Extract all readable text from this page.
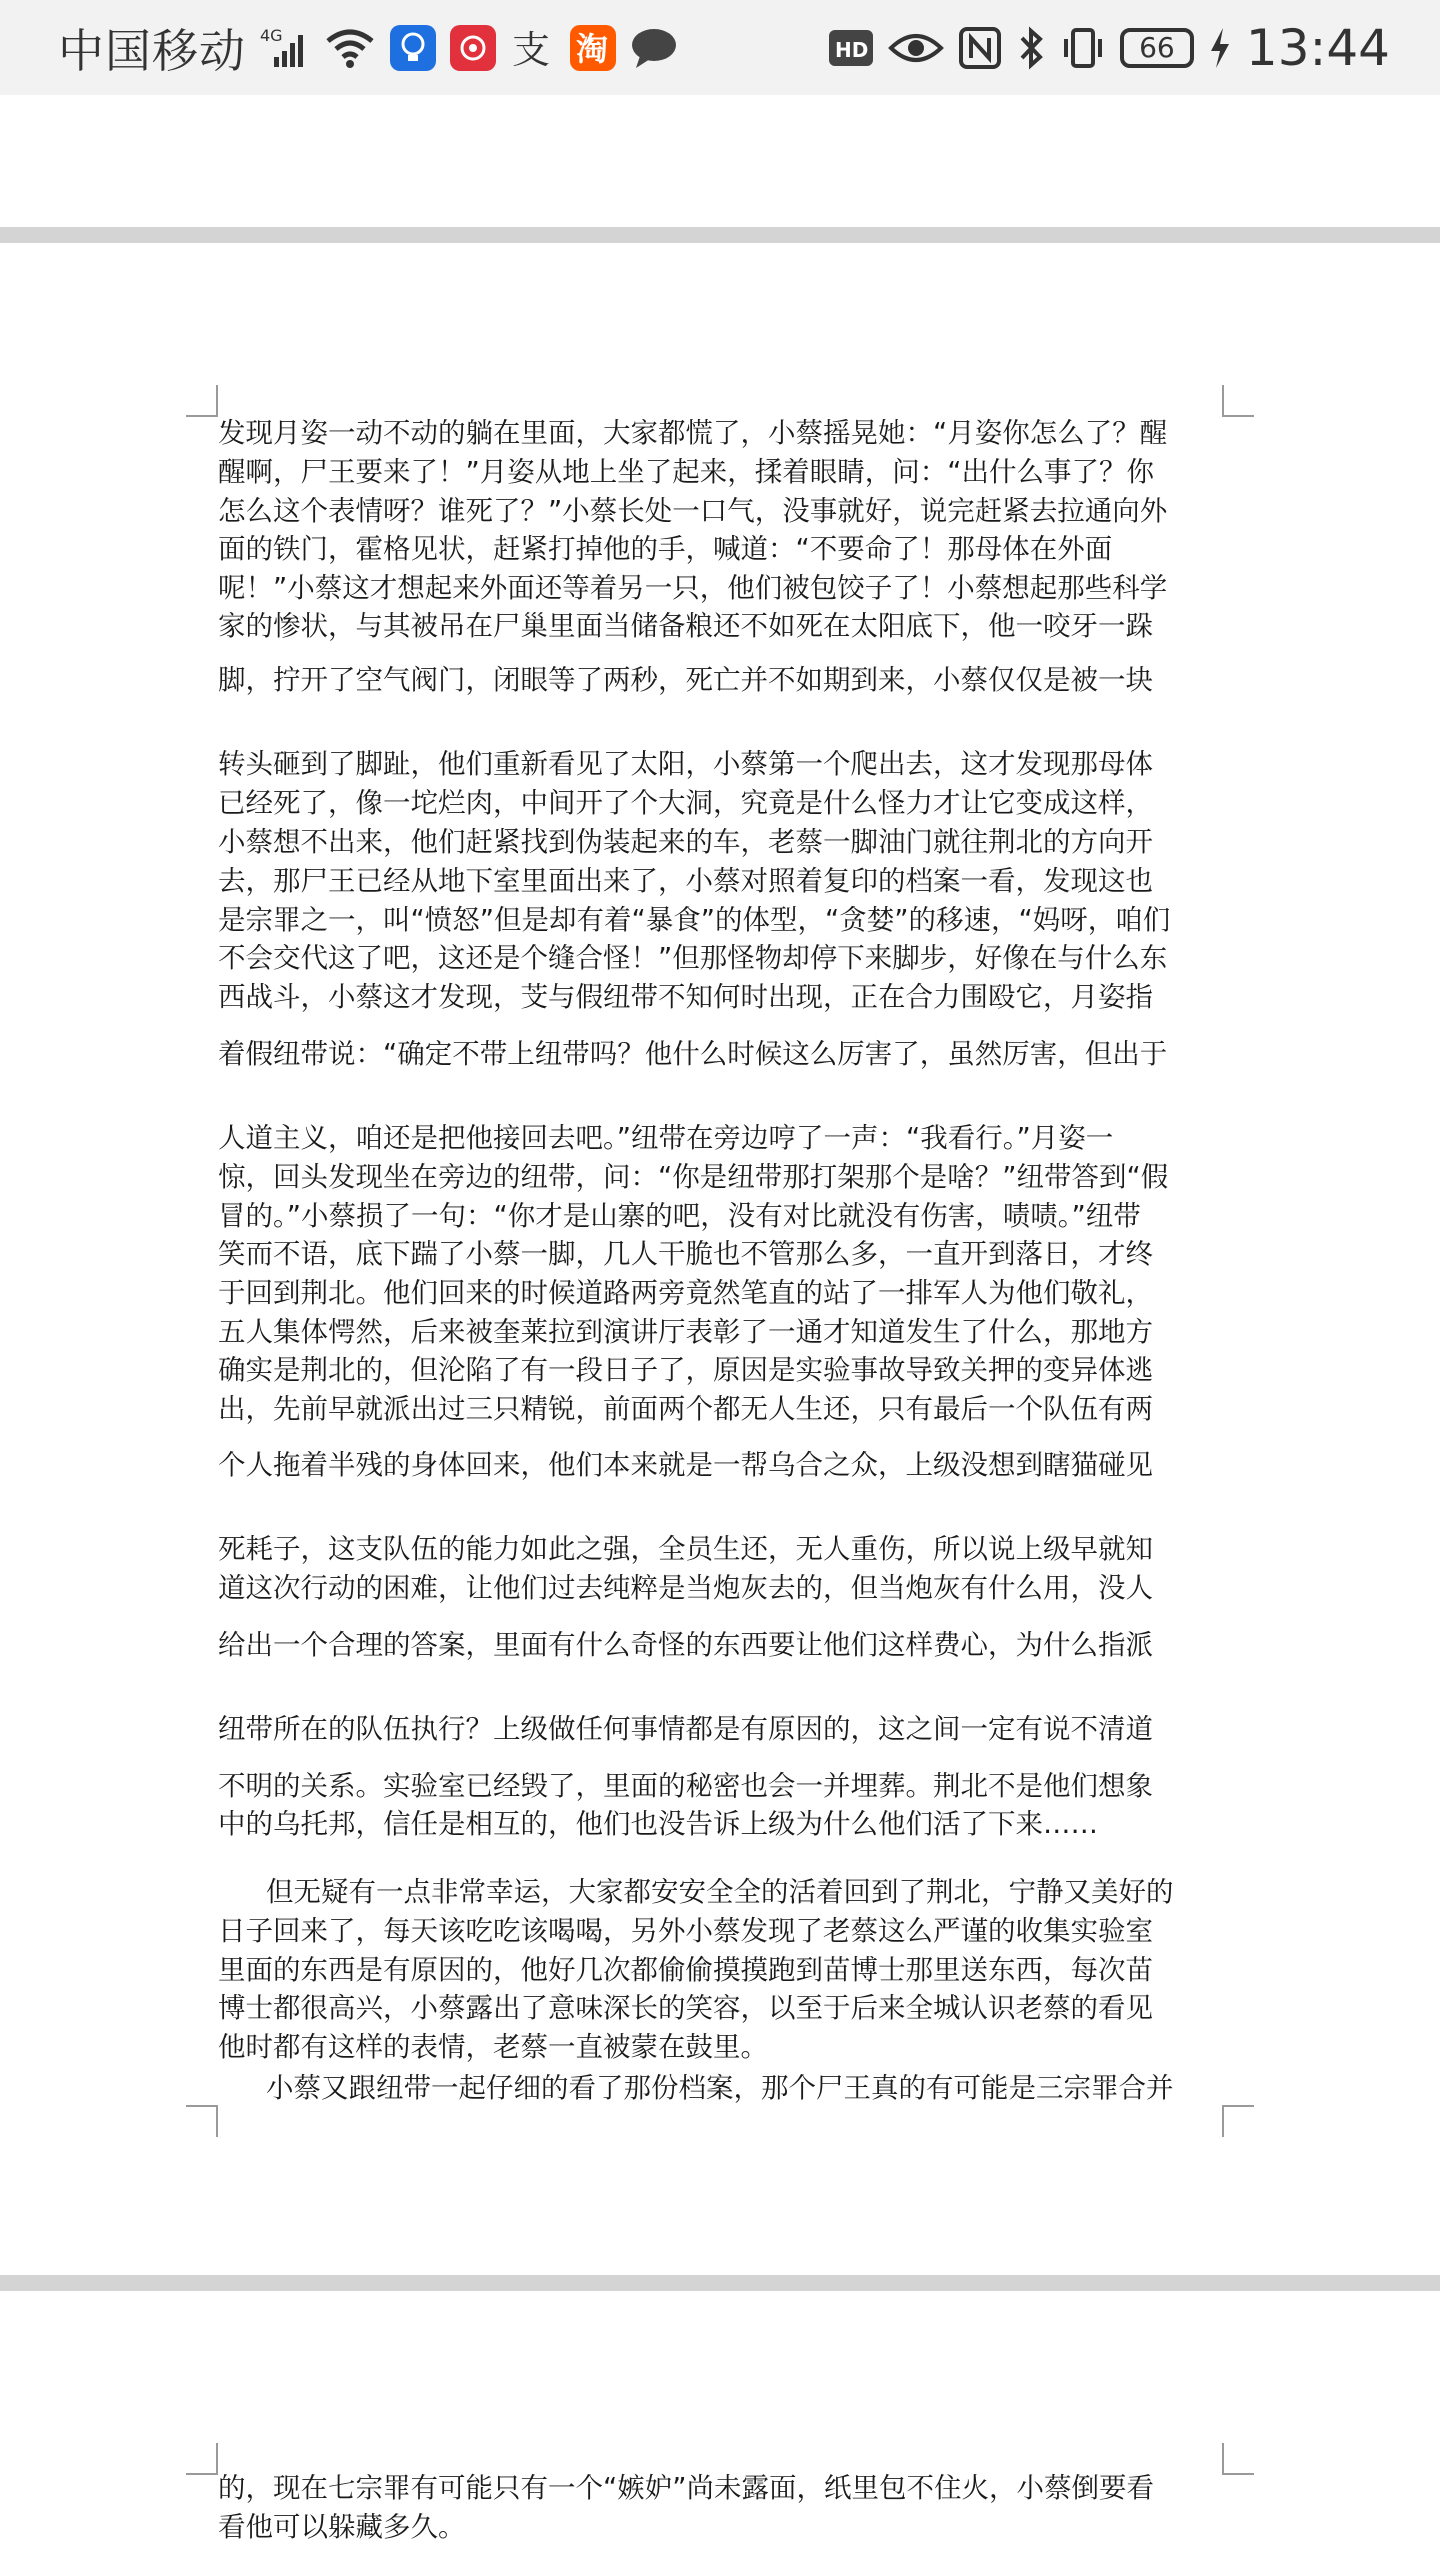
中国移动 4G	支 淘	HD	66	13:44
发现月姿一动不动的躺在里面，大家都慌了，小蔡摇晃她：“月姿你怎么了？醒
醒啊，尸王要来了！”月姿从地上坐了起来，揉着眼睛，问：“出什么事了？你
怎么这个表情呀？谁死了？”小蔡长处一口气，没事就好，说完赶紧去拉通向外
面的铁门，霍格见状，赶紧打掉他的手，喊道：“不要命了！那母体在外面
呢！”小蔡这才想起来外面还等着另一只，他们被包饺子了！小蔡想起那些科学
家的惨状，与其被吊在尸巢里面当储备粮还不如死在太阳底下，他一咬牙一跺
脚，拧开了空气阀门，闭眼等了两秒，死亡并不如期到来，小蔡仅仅是被一块
转头砸到了脚趾，他们重新看见了太阳，小蔡第一个爬出去，这才发现那母体
已经死了，像一坨烂肉，中间开了个大洞，究竟是什么怪力才让它变成这样，
小蔡想不出来，他们赶紧找到伪装起来的车，老蔡一脚油门就往荆北的方向开
去，那尸王已经从地下室里面出来了，小蔡对照着复印的档案一看，发现这也
是宗罪之一，叫“愤怒”但是却有着“暴食”的体型，“贪婪”的移速，“妈呀，咱们
不会交代这了吧，这还是个缝合怪！”但那怪物却停下来脚步，好像在与什么东
西战斗，小蔡这才发现，芠与假纽带不知何时出现，正在合力围殴它，月姿指
着假纽带说：“确定不带上纽带吗？他什么时候这么厉害了，虽然厉害，但出于
人道主义，咱还是把他接回去吧。”纽带在旁边哼了一声：“我看行。”月姿一
惊，回头发现坐在旁边的纽带，问：“你是纽带那打架那个是啥？”纽带答到“假
冒的。”小蔡损了一句：“你才是山寨的吧，没有对比就没有伤害，啧啧。”纽带
笑而不语，底下踹了小蔡一脚，几人干脆也不管那么多，一直开到落日，才终
于回到荆北。他们回来的时候道路两旁竟然笔直的站了一排军人为他们敬礼，
五人集体愕然，后来被奎莱拉到演讲厅表彰了一通才知道发生了什么，那地方
确实是荆北的，但沦陷了有一段日子了，原因是实验事故导致关押的变异体逃
出，先前早就派出过三只精锐，前面两个都无人生还，只有最后一个队伍有两
个人拖着半残的身体回来，他们本来就是一帮乌合之众，上级没想到瞎猫碰见
死耗子，这支队伍的能力如此之强，全员生还，无人重伤，所以说上级早就知
道这次行动的困难，让他们过去纯粹是当炮灰去的，但当炮灰有什么用，没人
给出一个合理的答案，里面有什么奇怪的东西要让他们这样费心，为什么指派
纽带所在的队伍执行？上级做任何事情都是有原因的，这之间一定有说不清道
不明的关系。实验室已经毁了，里面的秘密也会一并埋葬。荆北不是他们想象
中的乌托邦，信任是相互的，他们也没告诉上级为什么他们活了下来……
但无疑有一点非常幸运，大家都安安全全的活着回到了荆北，宁静又美好的
日子回来了，每天该吃吃该喝喝，另外小蔡发现了老蔡这么严谨的收集实验室
里面的东西是有原因的，他好几次都偷偷摸摸跑到苗博士那里送东西，每次苗
博士都很高兴，小蔡露出了意味深长的笑容，以至于后来全城认识老蔡的看见
他时都有这样的表情，老蔡一直被蒙在鼓里。
小蔡又跟纽带一起仔细的看了那份档案，那个尸王真的有可能是三宗罪合并
的，现在七宗罪有可能只有一个“嫉妒”尚未露面，纸里包不住火，小蔡倒要看
看他可以躲藏多久。
